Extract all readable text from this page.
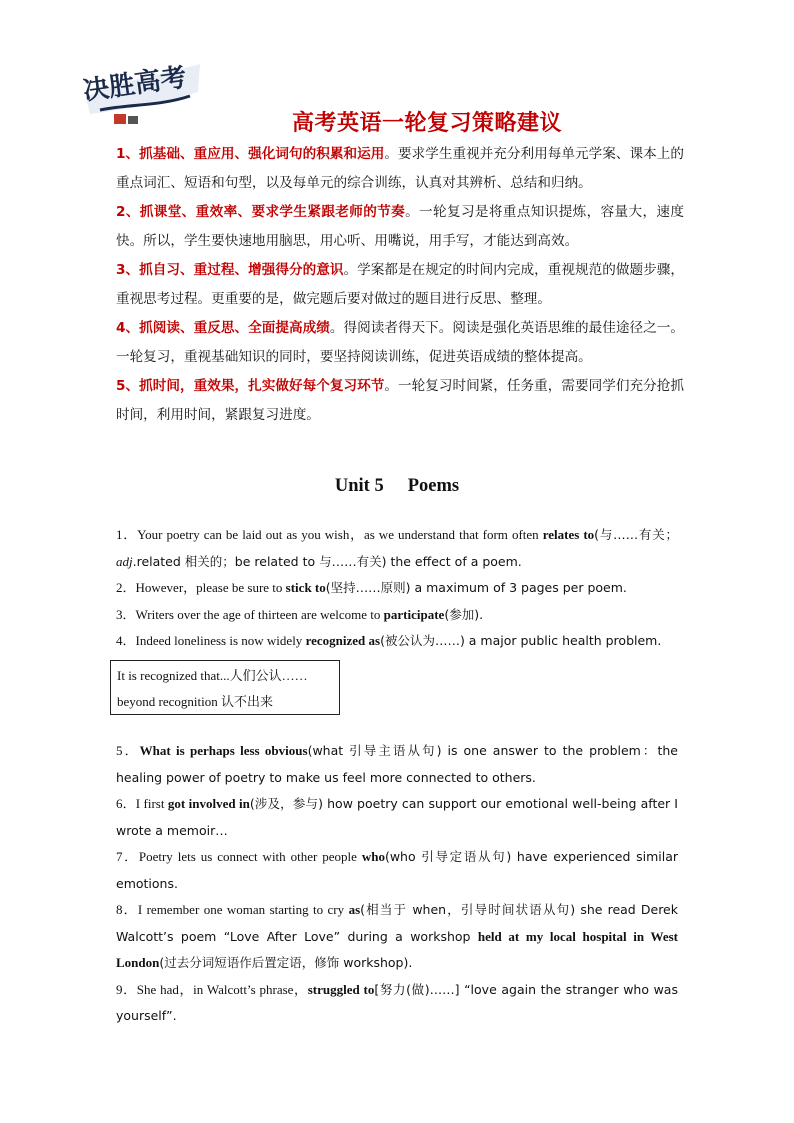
决胜高考
高考英语一轮复习策略建议

1、抓基础、重应用、强化词句的积累和运用。要求学生重视并充分利用每单元学案、课本上的重点词汇、短语和句型，以及每单元的综合训练，认真对其辨析、总结和归纳。

2、抓课堂、重效率、要求学生紧跟老师的节奏。一轮复习是将重点知识提炼，容量大，速度快。所以，学生要快速地用脑思，用心听、用嘴说，用手写，才能达到高效。

3、抓自习、重过程、增强得分的意识。学案都是在规定的时间内完成，重视规范的做题步骤，重视思考过程。更重要的是，做完题后要对做过的题目进行反思、整理。

4、抓阅读、重反思、全面提高成绩。得阅读者得天下。阅读是强化英语思维的最佳途径之一。一轮复习，重视基础知识的同时，要坚持阅读训练，促进英语成绩的整体提高。

5、抓时间，重效果，扎实做好每个复习环节。一轮复习时间紧，任务重，需要同学们充分抢抓时间，利用时间，紧跟复习进度。

Unit 5 Poems

1．Your poetry can be laid out as you wish，as we understand that form often relates to(与……有关；adj.related 相关的；be related to 与……有关) the effect of a poem.

2．However，please be sure to stick to(坚持……原则) a maximum of 3 pages per poem.

3．Writers over the age of thirteen are welcome to participate(参加).

4．Indeed loneliness is now widely recognized as(被公认为……) a major public health problem.

It is recognized that...人们公认……
beyond recognition 认不出来

5．What is perhaps less obvious(what 引导主语从句) is one answer to the problem：the healing power of poetry to make us feel more connected to others.

6．I first got involved in(涉及，参与) how poetry can support our emotional well-being after I wrote a memoir…

7．Poetry lets us connect with other people who(who 引导定语从句) have experienced similar emotions.

8．I remember one woman starting to cry as(相当于 when，引导时间状语从句) she read Derek Walcott’s poem “Love After Love” during a workshop held at my local hospital in West London(过去分词短语作后置定语，修饰 workshop).

9．She had，in Walcott’s phrase，struggled to[努力(做)……] “love again the stranger who was yourself”.
